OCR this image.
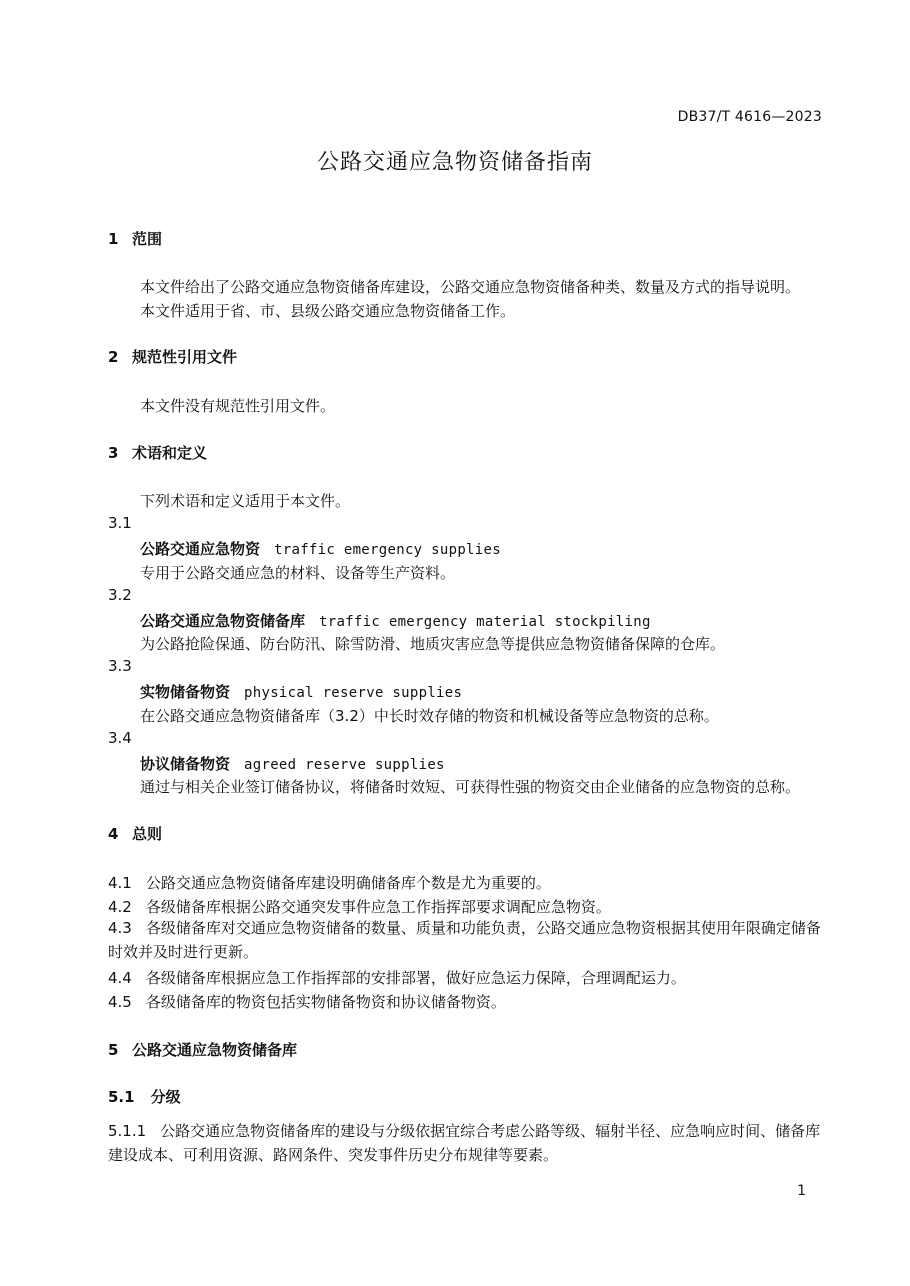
DB37/T 4616—2023
公路交通应急物资储备指南
1 范围
本文件给出了公路交通应急物资储备库建设，公路交通应急物资储备种类、数量及方式的指导说明。
本文件适用于省、市、县级公路交通应急物资储备工作。
2 规范性引用文件
本文件没有规范性引用文件。
3 术语和定义
下列术语和定义适用于本文件。
3.1
公路交通应急物资 traffic emergency supplies
专用于公路交通应急的材料、设备等生产资料。
3.2
公路交通应急物资储备库 traffic emergency material stockpiling
为公路抢险保通、防台防汛、除雪防滑、地质灾害应急等提供应急物资储备保障的仓库。
3.3
实物储备物资 physical reserve supplies
在公路交通应急物资储备库（3.2）中长时效存储的物资和机械设备等应急物资的总称。
3.4
协议储备物资 agreed reserve supplies
通过与相关企业签订储备协议，将储备时效短、可获得性强的物资交由企业储备的应急物资的总称。
4 总则
4.1 公路交通应急物资储备库建设明确储备库个数是尤为重要的。
4.2 各级储备库根据公路交通突发事件应急工作指挥部要求调配应急物资。
4.3 各级储备库对交通应急物资储备的数量、质量和功能负责，公路交通应急物资根据其使用年限确定储备时效并及时进行更新。
4.4 各级储备库根据应急工作指挥部的安排部署，做好应急运力保障，合理调配运力。
4.5 各级储备库的物资包括实物储备物资和协议储备物资。
5 公路交通应急物资储备库
5.1 分级
5.1.1 公路交通应急物资储备库的建设与分级依据宜综合考虑公路等级、辐射半径、应急响应时间、储备库建设成本、可利用资源、路网条件、突发事件历史分布规律等要素。
1
